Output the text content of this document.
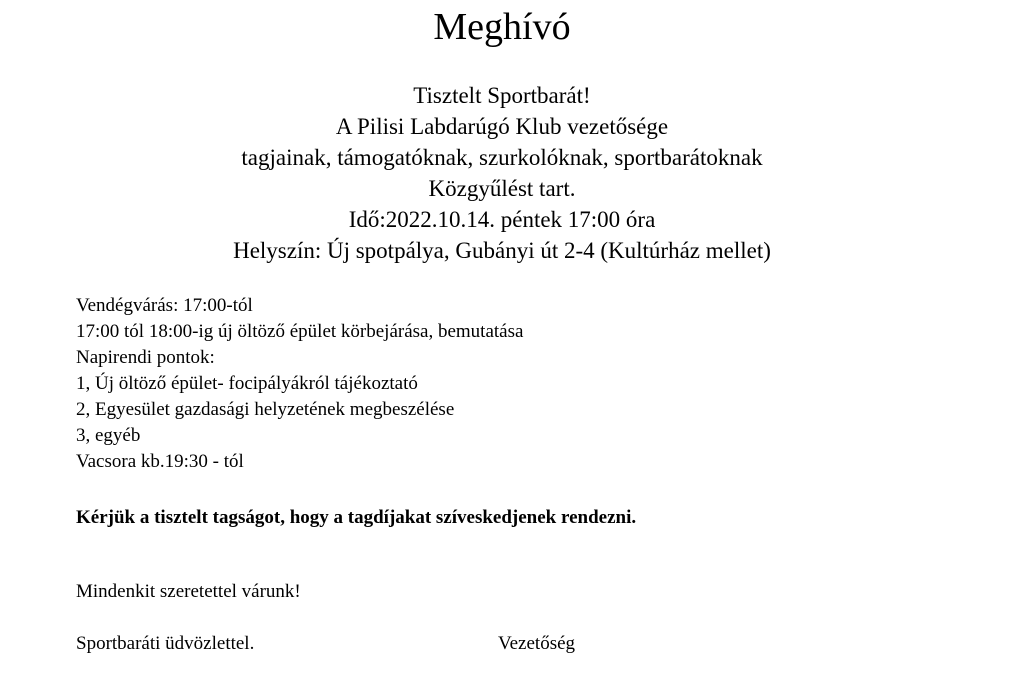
Meghívó
Tisztelt Sportbarát!
A Pilisi Labdarúgó Klub vezetősége
tagjainak, támogatóknak, szurkolóknak, sportbarátoknak
Közgyűlést tart.
Idő:2022.10.14. péntek 17:00 óra
Helyszín: Új spotpálya, Gubányi út 2-4 (Kultúrház mellet)
Vendégvárás: 17:00-tól
17:00 tól 18:00-ig új öltöző épület körbejárása, bemutatása
Napirendi pontok:
1, Új öltöző épület- focipályákról tájékoztató
2, Egyesület gazdasági helyzetének megbeszélése
3, egyéb
Vacsora kb.19:30 - tól
Kérjük a tisztelt tagságot, hogy a tagdíjakat szíveskedjenek rendezni.
Mindenkit szeretettel várunk!
Sportbaráti üdvözlettel.	Vezetőség
